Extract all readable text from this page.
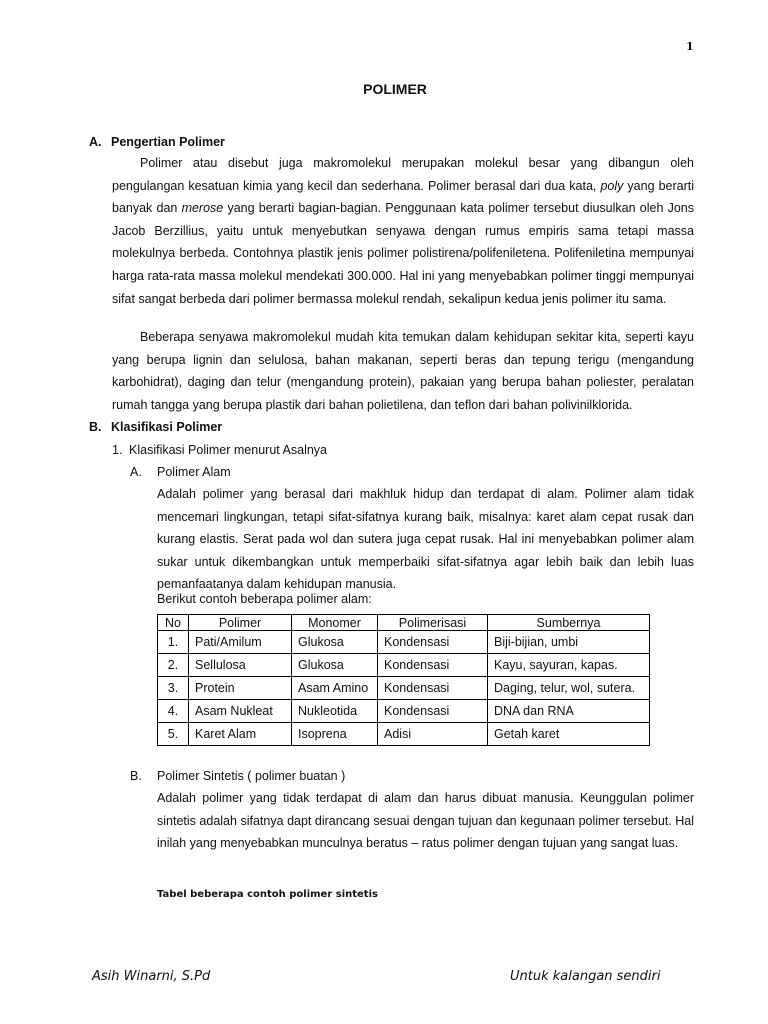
1
POLIMER
A. Pengertian Polimer

Polimer atau disebut juga makromolekul merupakan molekul besar yang dibangun oleh pengulangan kesatuan kimia yang kecil dan sederhana. Polimer berasal dari dua kata, poly yang berarti banyak dan merose yang berarti bagian-bagian. Penggunaan kata polimer tersebut diusulkan oleh Jons Jacob Berzillius, yaitu untuk menyebutkan senyawa dengan rumus empiris sama tetapi massa molekulnya berbeda. Contohnya plastik jenis polimer polistirena/polifeniletena. Polifeniletina mempunyai harga rata-rata massa molekul mendekati 300.000. Hal ini yang menyebabkan polimer tinggi mempunyai sifat sangat berbeda dari polimer bermassa molekul rendah, sekalipun kedua jenis polimer itu sama.

Beberapa senyawa makromolekul mudah kita temukan dalam kehidupan sekitar kita, seperti kayu yang berupa lignin dan selulosa, bahan makanan, seperti beras dan tepung terigu (mengandung karbohidrat), daging dan telur (mengandung protein), pakaian yang berupa bahan poliester, peralatan rumah tangga yang berupa plastik dari bahan polietilena, dan teflon dari bahan polivinilklorida.

B. Klasifikasi Polimer
1. Klasifikasi Polimer menurut Asalnya
A. Polimer Alam

Adalah polimer yang berasal dari makhluk hidup dan terdapat di alam. Polimer alam tidak mencemari lingkungan, tetapi sifat-sifatnya kurang baik, misalnya: karet alam cepat rusak dan kurang elastis. Serat pada wol dan sutera juga cepat rusak. Hal ini menyebabkan polimer alam sukar untuk dikembangkan untuk memperbaiki sifat-sifatnya agar lebih baik dan lebih luas pemanfaatanya dalam kehidupan manusia.

Berikut contoh beberapa polimer alam:
No	Polimer	Monomer	Polimerisasi	Sumbernya
1.	Pati/Amilum	Glukosa	Kondensasi	Biji-bijian, umbi
2.	Sellulosa	Glukosa	Kondensasi	Kayu, sayuran, kapas.
3.	Protein	Asam Amino	Kondensasi	Daging, telur, wol, sutera.
4.	Asam Nukleat	Nukleotida	Kondensasi	DNA dan RNA
5.	Karet Alam	Isoprena	Adisi	Getah karet
B. Polimer Sintetis ( polimer buatan )

Adalah polimer yang tidak terdapat di alam dan harus dibuat manusia. Keunggulan polimer sintetis adalah sifatnya dapt dirancang sesuai dengan tujuan dan kegunaan polimer tersebut. Hal inilah yang menyebabkan munculnya beratus – ratus polimer dengan tujuan yang sangat luas.

Tabel beberapa contoh polimer sintetis
Asih Winarni, S.Pd	Untuk kalangan sendiri
